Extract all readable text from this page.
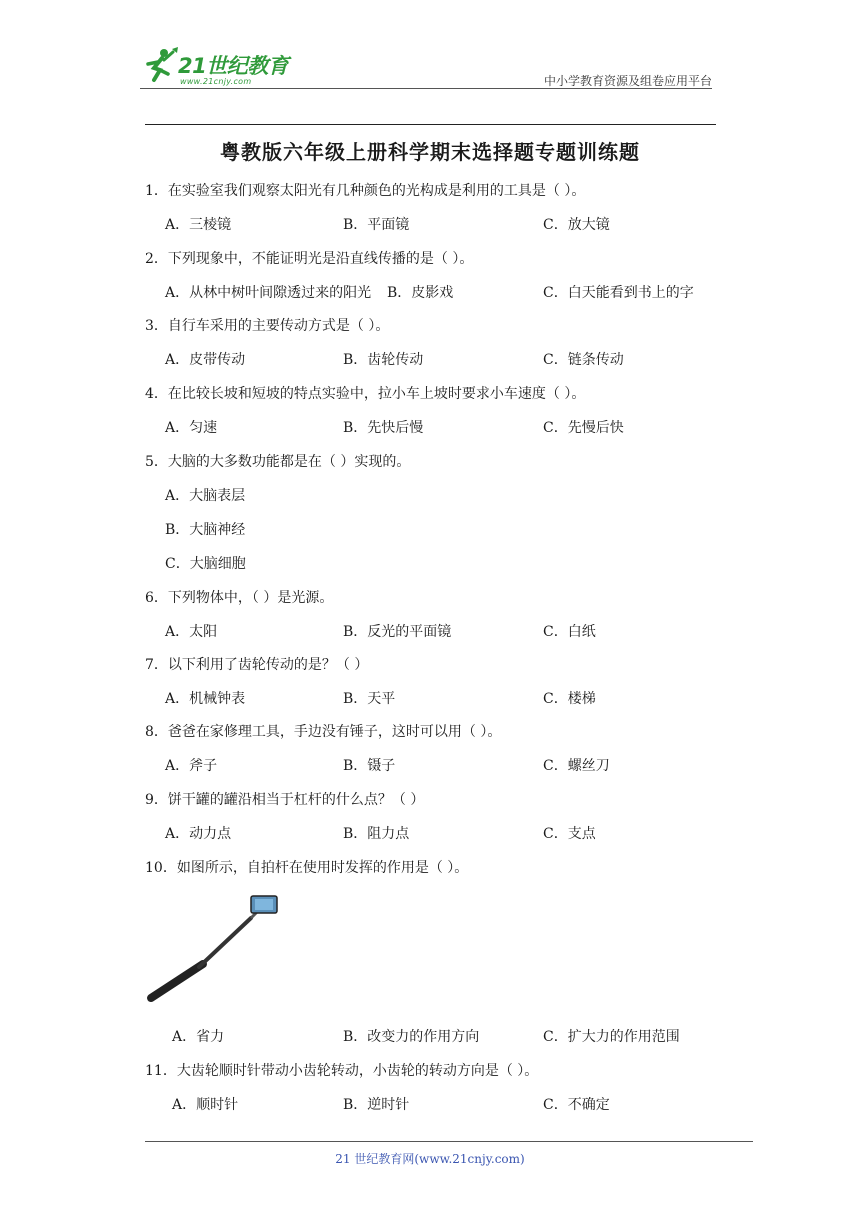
21世纪教育
www.21cnjy.com	中小学教育资源及组卷应用平台
粤教版六年级上册科学期末选择题专题训练题
1．在实验室我们观察太阳光有几种颜色的光构成是利用的工具是（ ）。
A．三棱镜	B．平面镜	C．放大镜
2．下列现象中，不能证明光是沿直线传播的是（ ）。
A．从林中树叶间隙透过来的阳光 B．皮影戏	C．白天能看到书上的字
3．自行车采用的主要传动方式是（ ）。
A．皮带传动	B．齿轮传动	C．链条传动
4．在比较长坡和短坡的特点实验中，拉小车上坡时要求小车速度（ ）。
A．匀速	B．先快后慢	C．先慢后快
5．大脑的大多数功能都是在（ ）实现的。
A．大脑表层
B．大脑神经
C．大脑细胞
6．下列物体中，（ ）是光源。
A．太阳	B．反光的平面镜	C．白纸
7．以下利用了齿轮传动的是？（ ）
A．机械钟表	B．天平	C．楼梯
8．爸爸在家修理工具，手边没有锤子，这时可以用（ ）。
A．斧子	B．镊子	C．螺丝刀
9．饼干罐的罐沿相当于杠杆的什么点？（ ）
A．动力点	B．阻力点	C．支点
10．如图所示，自拍杆在使用时发挥的作用是（ ）。
A．省力	B．改变力的作用方向	C．扩大力的作用范围
11．大齿轮顺时针带动小齿轮转动，小齿轮的转动方向是（ ）。
A．顺时针	B．逆时针	C．不确定
21 世纪教育网(www.21cnjy.com)
